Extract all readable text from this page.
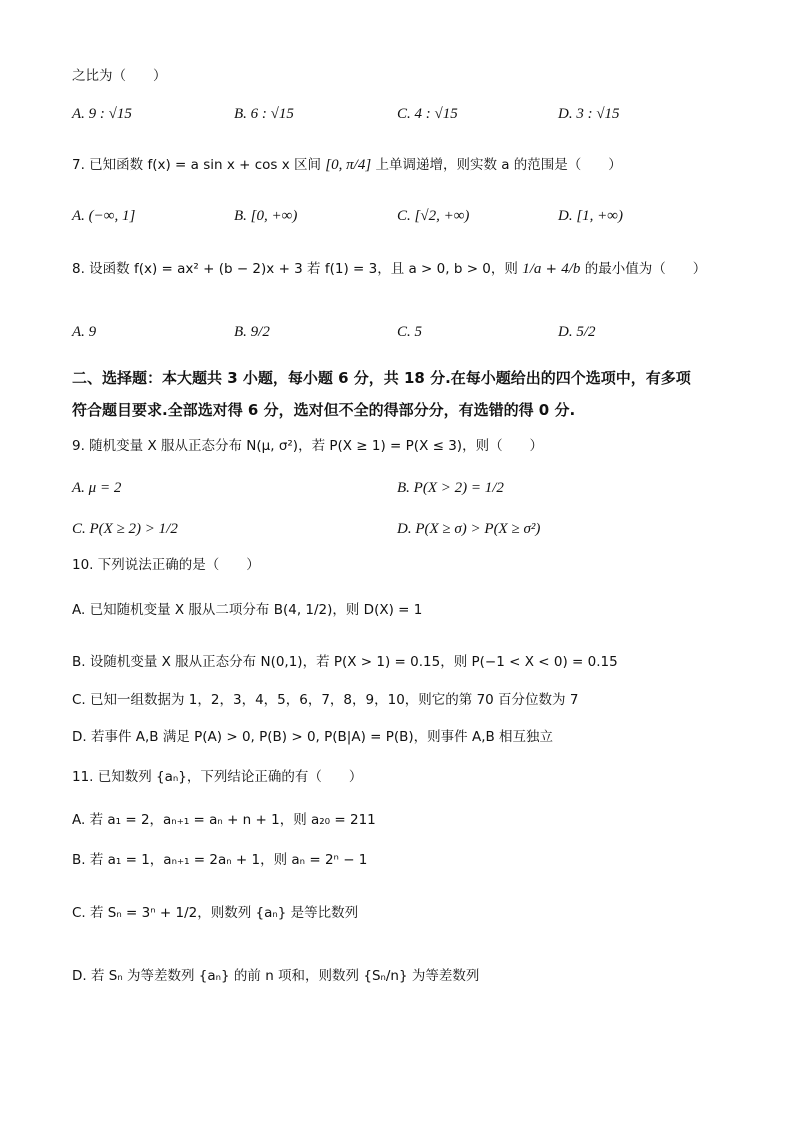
之比为（　　）
A. 9 : √15	B. 6 : √15	C. 4 : √15	D. 3 : √15
7. 已知函数 f(x) = a sin x + cos x 区间 [0, π/4] 上单调递增，则实数 a 的范围是（　　）
A. (−∞, 1]	B. [0, +∞)	C. [√2, +∞)	D. [1, +∞)
8. 设函数 f(x) = ax² + (b − 2)x + 3 若 f(1) = 3，且 a > 0, b > 0，则 1/a + 4/b 的最小值为（　　）
A. 9	B. 9/2	C. 5	D. 5/2
二、选择题：本大题共 3 小题，每小题 6 分，共 18 分.在每小题给出的四个选项中，有多项
符合题目要求.全部选对得 6 分，选对但不全的得部分分，有选错的得 0 分.
9. 随机变量 X 服从正态分布 N(μ, σ²)，若 P(X ≥ 1) = P(X ≤ 3)，则（　　）
A. μ = 2	B. P(X > 2) = 1/2
C. P(X ≥ 2) > 1/2	D. P(X ≥ σ) > P(X ≥ σ²)
10. 下列说法正确的是（　　）
A. 已知随机变量 X 服从二项分布 B(4, 1/2)，则 D(X) = 1
B. 设随机变量 X 服从正态分布 N(0,1)，若 P(X > 1) = 0.15，则 P(−1 < X < 0) = 0.15
C. 已知一组数据为 1，2，3，4，5，6，7，8，9，10，则它的第 70 百分位数为 7
D. 若事件 A,B 满足 P(A) > 0, P(B) > 0, P(B|A) = P(B)，则事件 A,B 相互独立
11. 已知数列 {aₙ}，下列结论正确的有（　　）
A. 若 a₁ = 2，aₙ₊₁ = aₙ + n + 1，则 a₂₀ = 211
B. 若 a₁ = 1，aₙ₊₁ = 2aₙ + 1，则 aₙ = 2ⁿ − 1
C. 若 Sₙ = 3ⁿ + 1/2，则数列 {aₙ} 是等比数列
D. 若 Sₙ 为等差数列 {aₙ} 的前 n 项和，则数列 {Sₙ/n} 为等差数列
